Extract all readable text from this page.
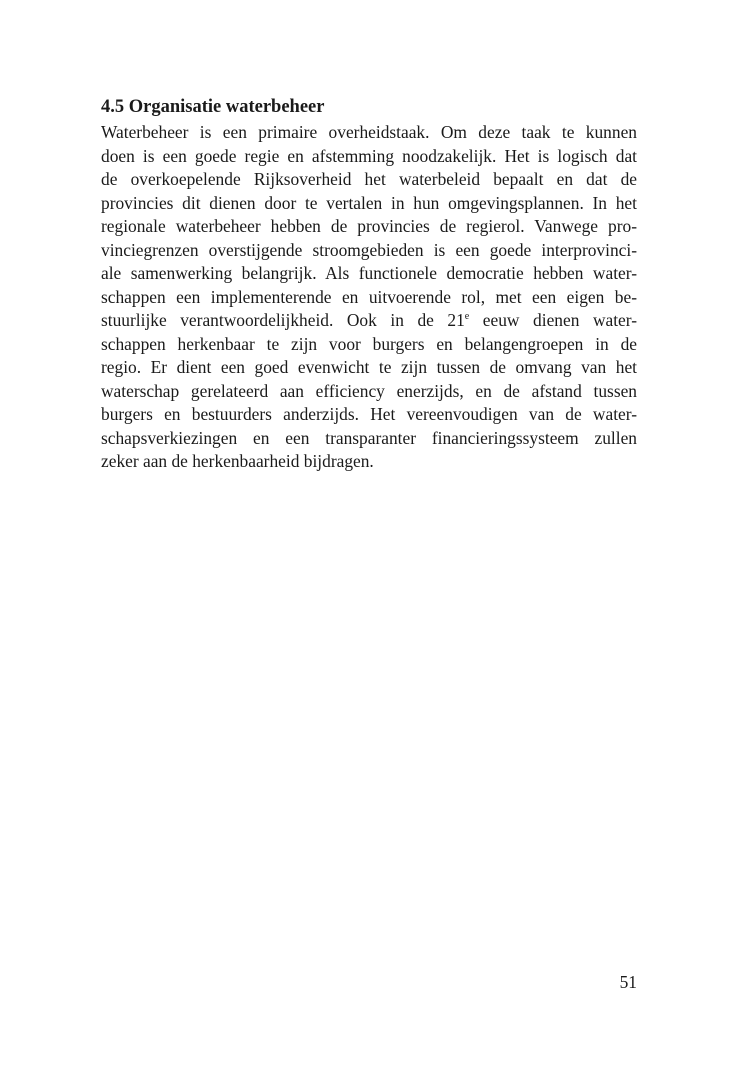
4.5 Organisatie waterbeheer
Waterbeheer is een primaire overheidstaak. Om deze taak te kunnen
doen is een goede regie en afstemming noodzakelijk. Het is logisch dat
de overkoepelende Rijksoverheid het waterbeleid bepaalt en dat de
provincies dit dienen door te vertalen in hun omgevingsplannen. In het
regionale waterbeheer hebben de provincies de regierol. Vanwege pro-
vinciegrenzen overstijgende stroomgebieden is een goede interprovinci-
ale samenwerking belangrijk. Als functionele democratie hebben water-
schappen een implementerende en uitvoerende rol, met een eigen be-
stuurlijke verantwoordelijkheid. Ook in de 21e eeuw dienen water-
schappen herkenbaar te zijn voor burgers en belangengroepen in de
regio. Er dient een goed evenwicht te zijn tussen de omvang van het
waterschap gerelateerd aan efficiency enerzijds, en de afstand tussen
burgers en bestuurders anderzijds. Het vereenvoudigen van de water-
schapsverkiezingen en een transparanter financieringssysteem zullen
zeker aan de herkenbaarheid bijdragen.
51
